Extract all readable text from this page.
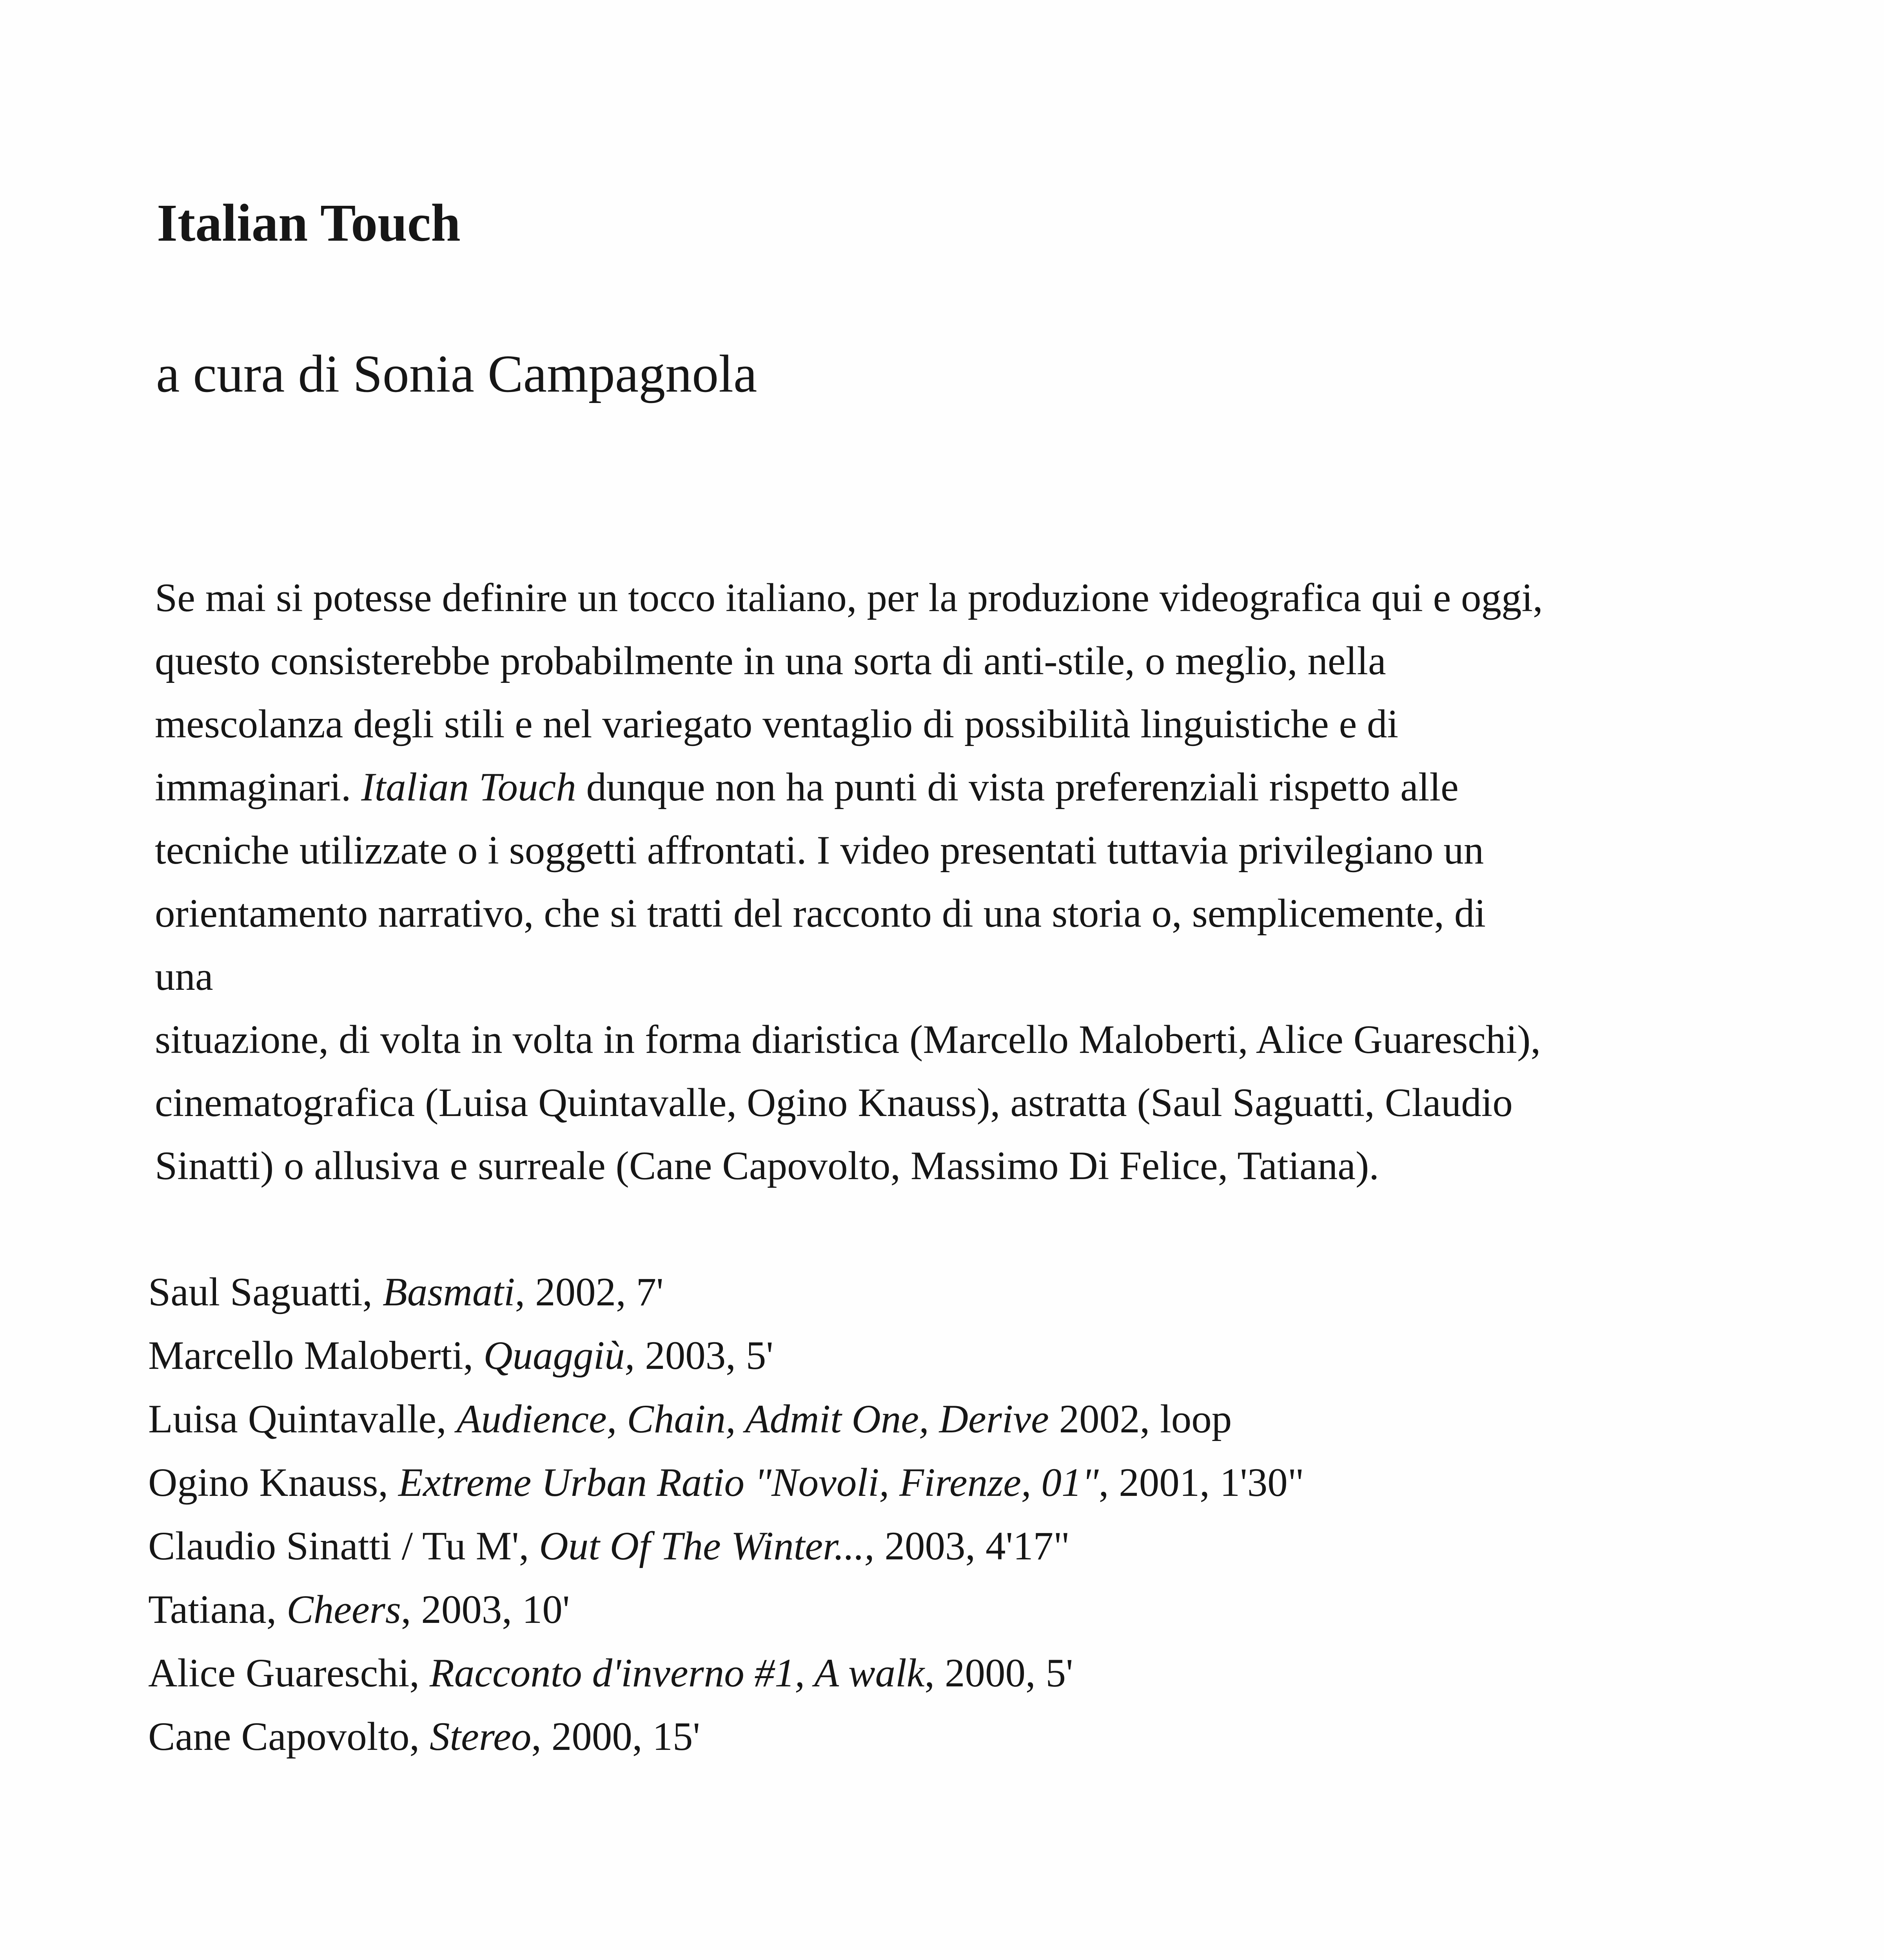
Italian Touch
a cura di Sonia Campagnola
Se mai si potesse definire un tocco italiano, per la produzione videografica qui e oggi,
questo consisterebbe probabilmente in una sorta di anti-stile, o meglio, nella
mescolanza degli stili e nel variegato ventaglio di possibilità linguistiche e di
immaginari. Italian Touch dunque non ha punti di vista preferenziali rispetto alle
tecniche utilizzate o i soggetti affrontati. I video presentati tuttavia privilegiano un
orientamento narrativo, che si tratti del racconto di una storia o, semplicemente, di
una
situazione, di volta in volta in forma diaristica (Marcello Maloberti, Alice Guareschi),
cinematografica (Luisa Quintavalle, Ogino Knauss), astratta (Saul Saguatti, Claudio
Sinatti) o allusiva e surreale (Cane Capovolto, Massimo Di Felice, Tatiana).
Saul Saguatti, Basmati, 2002, 7'
Marcello Maloberti, Quaggiù, 2003, 5'
Luisa Quintavalle, Audience, Chain, Admit One, Derive 2002, loop
Ogino Knauss, Extreme Urban Ratio "Novoli, Firenze, 01", 2001, 1'30"
Claudio Sinatti / Tu M', Out Of The Winter..., 2003, 4'17"
Tatiana, Cheers, 2003, 10'
Alice Guareschi, Racconto d'inverno #1, A walk, 2000, 5'
Cane Capovolto, Stereo, 2000, 15'
